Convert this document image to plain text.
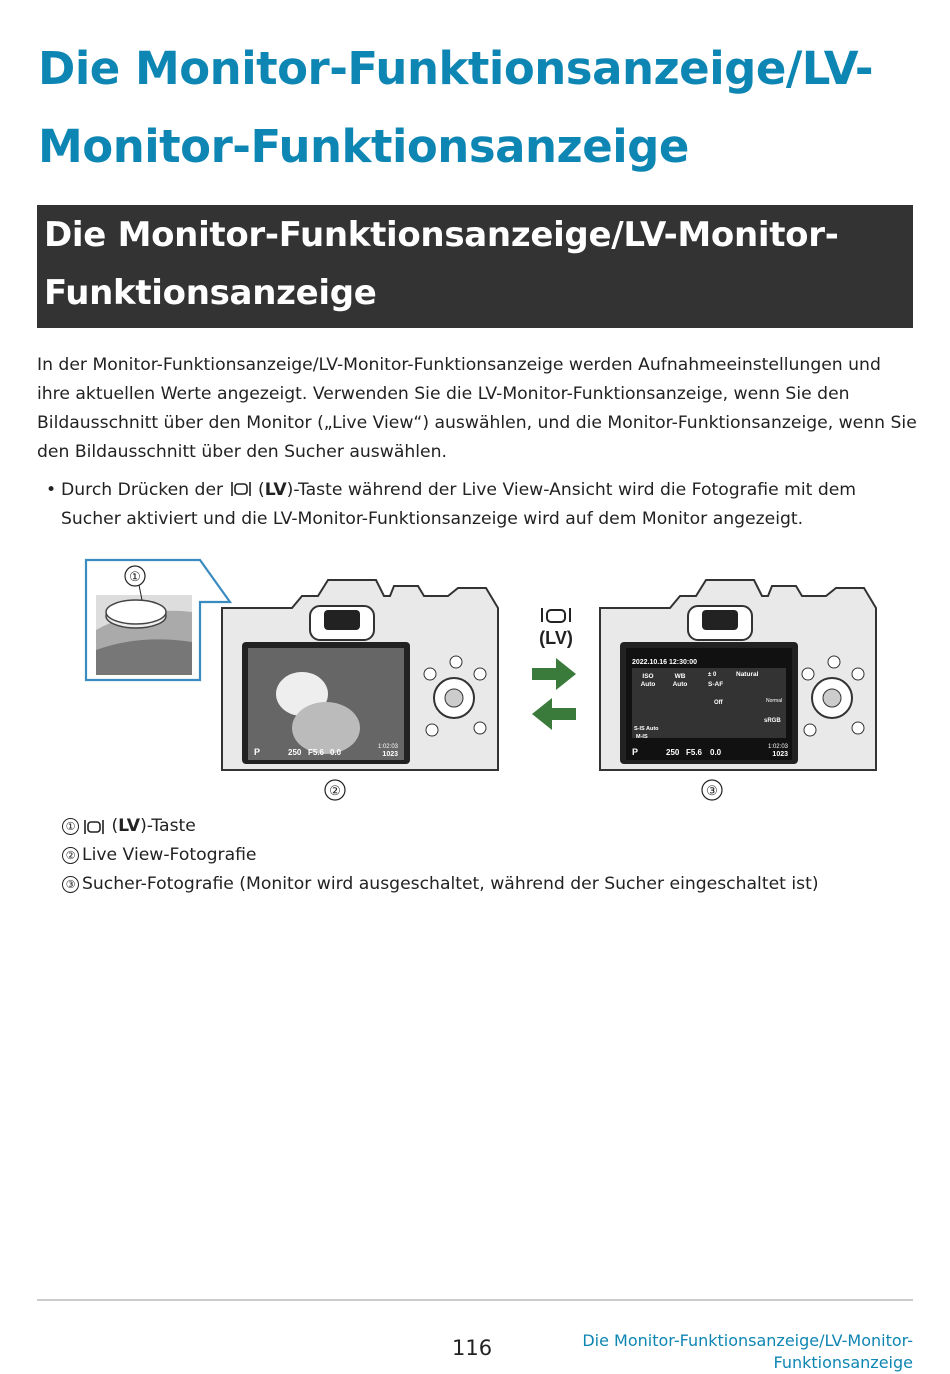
Die Monitor-Funktionsanzeige/LV-Monitor-Funktionsanzeige
Die Monitor-Funktionsanzeige/LV-Monitor-Funktionsanzeige

In der Monitor-Funktionsanzeige/LV-Monitor-Funktionsanzeige werden Aufnahmeeinstellungen und ihre aktuellen Werte angezeigt. Verwenden Sie die LV-Monitor-Funktionsanzeige, wenn Sie den Bildausschnitt über den Monitor („Live View“) auswählen, und die Monitor-Funktionsanzeige, wenn Sie den Bildausschnitt über den Sucher auswählen.

• Durch Drücken der  (LV)-Taste während der Live View-Ansicht wird die Fotografie mit dem Sucher aktiviert und die LV-Monitor-Funktionsanzeige wird auf dem Monitor angezeigt.

①
P	250 F5.6 0.0
1:02:03
1023
②
(LV)
2022.10.16 12:30:00
ISO
Auto
WB
Auto	S-AF
Natural
± 0
Normal
Off
sRGB
S-IS Auto
M-IS
P	250 F5.6 0.0
1:02:03
1023
③
① ( LV )-Taste
② Live View-Fotografie
③ Sucher-Fotografie (Monitor wird ausgeschaltet, während der Sucher eingeschaltet ist)
116	Die Monitor-Funktionsanzeige/LV-Monitor-Funktionsanzeige
